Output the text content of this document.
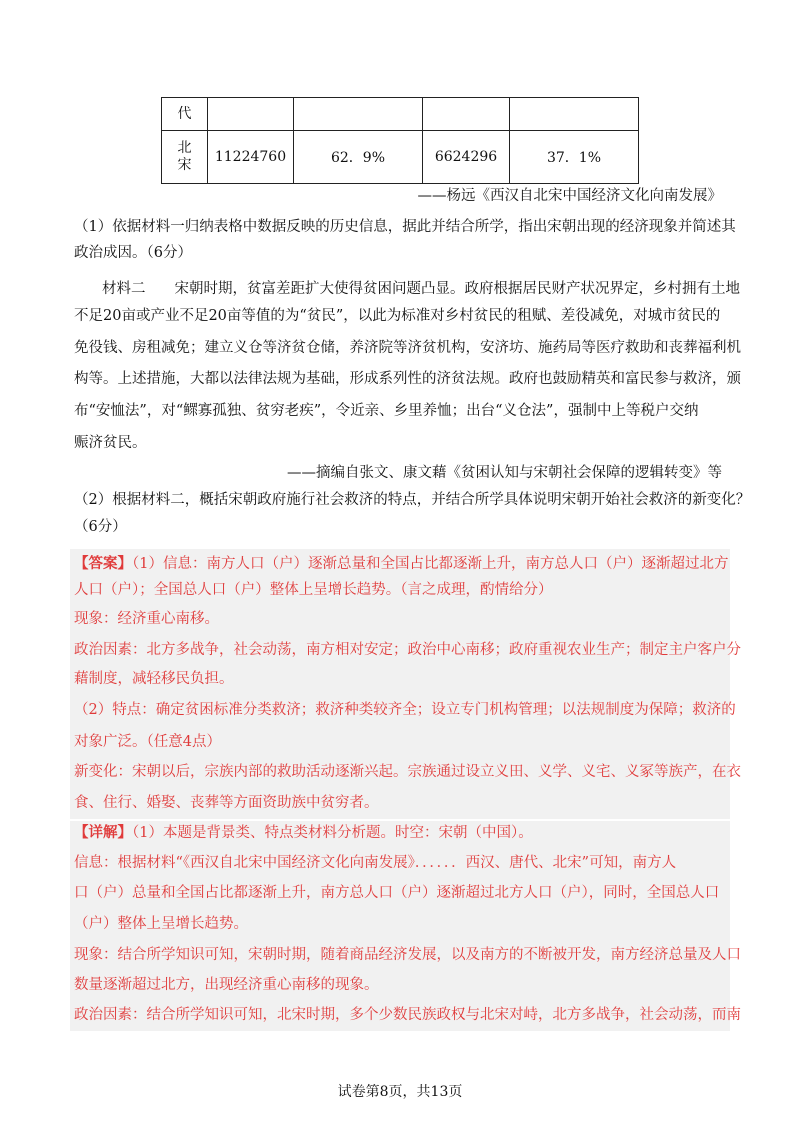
代				
北宋	11224760	62．9%	6624296	37．1%
——杨远《西汉自北宋中国经济文化向南发展》
（1）依据材料一归纳表格中数据反映的历史信息，据此并结合所学，指出宋朝出现的经济现象并简述其
政治成因。（6分）
材料二　　宋朝时期，贫富差距扩大使得贫困问题凸显。政府根据居民财产状况界定，乡村拥有土地
不足20亩或产业不足20亩等值的为“贫民”，以此为标准对乡村贫民的租赋、差役减免，对城市贫民的
免役钱、房租减免；建立义仓等济贫仓储，养济院等济贫机构，安济坊、施药局等医疗救助和丧葬福利机
构等。上述措施，大都以法律法规为基础，形成系列性的济贫法规。政府也鼓励精英和富民参与救济，颁
布“安恤法”，对“鳏寡孤独、贫穷老疾”，令近亲、乡里养恤；出台“义仓法”，强制中上等税户交纳
赈济贫民。
——摘编自张文、康文藉《贫困认知与宋朝社会保障的逻辑转变》等
（2）根据材料二，概括宋朝政府施行社会救济的特点，并结合所学具体说明宋朝开始社会救济的新变化？
（6分）
【答案】（1）信息：南方人口（户）逐渐总量和全国占比都逐渐上升，南方总人口（户）逐渐超过北方
人口（户）；全国总人口（户）整体上呈增长趋势。（言之成理，酌情给分）
现象：经济重心南移。
政治因素：北方多战争，社会动荡，南方相对安定；政治中心南移；政府重视农业生产；制定主户客户分
藉制度，减轻移民负担。
（2）特点：确定贫困标准分类救济；救济种类较齐全；设立专门机构管理；以法规制度为保障；救济的
对象广泛。（任意4点）
新变化：宋朝以后，宗族内部的救助活动逐渐兴起。宗族通过设立义田、义学、义宅、义冢等族产，在衣
食、住行、婚娶、丧葬等方面资助族中贫穷者。
【详解】（1）本题是背景类、特点类材料分析题。时空：宋朝（中国）。
信息：根据材料“《西汉自北宋中国经济文化向南发展》．．．．．．西汉、唐代、北宋”可知，南方人
口（户）总量和全国占比都逐渐上升，南方总人口（户）逐渐超过北方人口（户），同时，全国总人口
（户）整体上呈增长趋势。
现象：结合所学知识可知，宋朝时期，随着商品经济发展，以及南方的不断被开发，南方经济总量及人口
数量逐渐超过北方，出现经济重心南移的现象。
政治因素：结合所学知识可知，北宋时期，多个少数民族政权与北宋对峙，北方多战争，社会动荡，而南
试卷第8页，共13页
